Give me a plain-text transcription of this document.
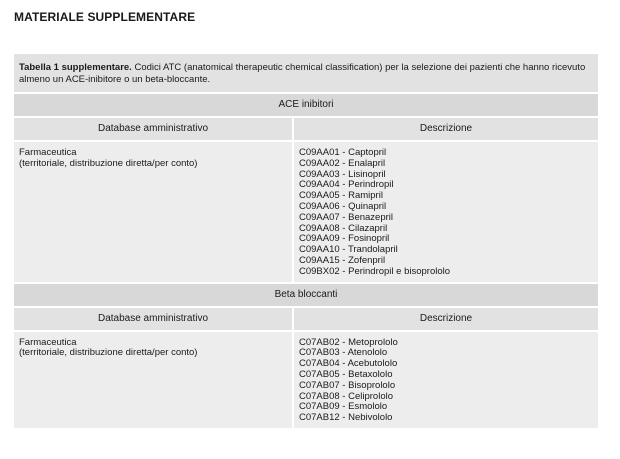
MATERIALE SUPPLEMENTARE
Tabella 1 supplementare. Codici ATC (anatomical therapeutic chemical classification) per la selezione dei pazienti che hanno ricevuto almeno un ACE-inibitore o un beta-bloccante.
ACE inibitori
Database amministrativo	Descrizione
Farmaceutica
(territoriale, distribuzione diretta/per conto)
C09AA01 - Captopril
C09AA02 - Enalapril
C09AA03 - Lisinopril
C09AA04 - Perindropil
C09AA05 - Ramipril
C09AA06 - Quinapril
C09AA07 - Benazepril
C09AA08 - Cilazapril
C09AA09 - Fosinopril
C09AA10 - Trandolapril
C09AA15 - Zofenpril
C09BX02 - Perindropil e bisoprololo
Beta bloccanti
Database amministrativo	Descrizione
Farmaceutica
(territoriale, distribuzione diretta/per conto)
C07AB02 - Metoprololo
C07AB03 - Atenololo
C07AB04 - Acebutololo
C07AB05 - Betaxololo
C07AB07 - Bisoprololo
C07AB08 - Celiprololo
C07AB09 - Esmololo
C07AB12 - Nebivololo
